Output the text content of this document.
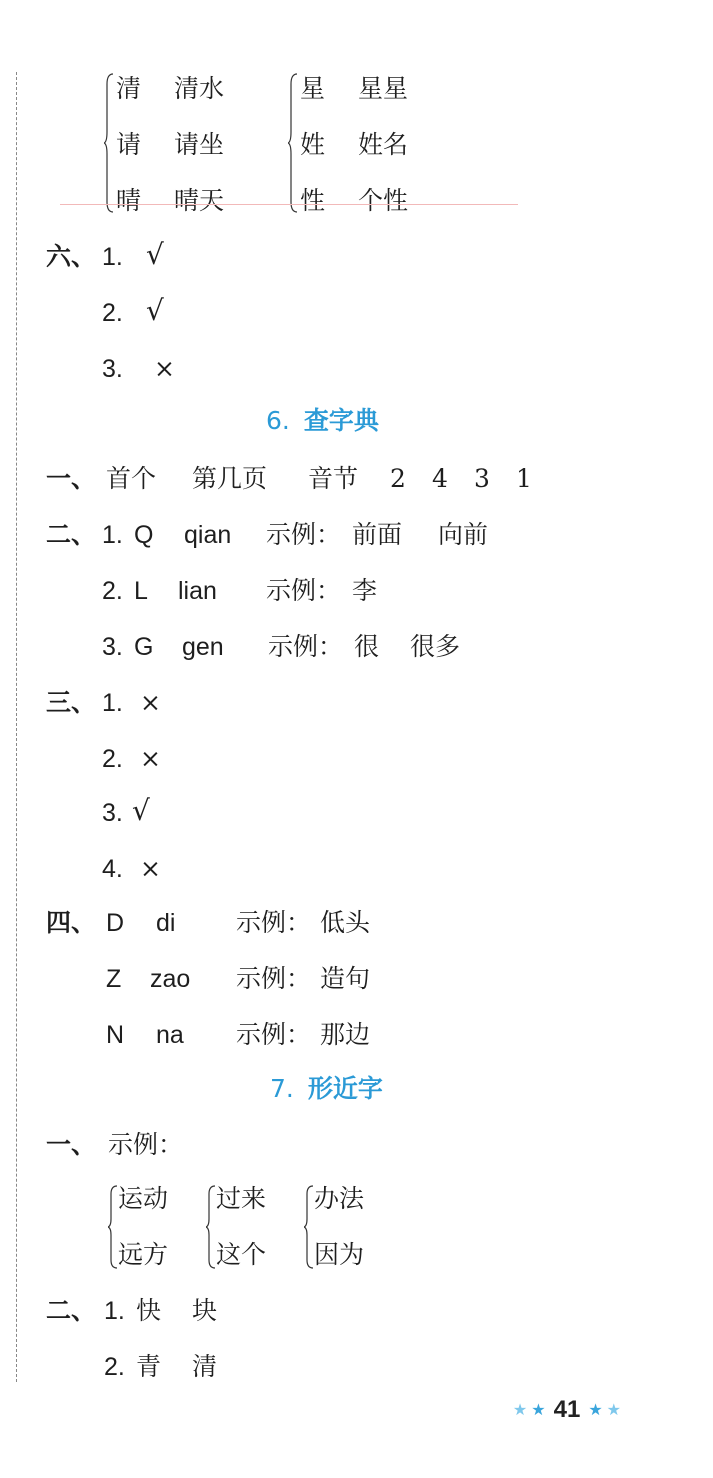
清 清水
请 请坐
晴 晴天
星 星星
姓 姓名
性 个性
六、 1. √
2. √
3. ×
6. 查字典
一、 首个 第几页 音节 2 4 3 1
二、 1. Q qian 示例： 前面 向前
2. L lian 示例： 李
3. G gen 示例： 很 很多
三、 1. ×
2. ×
3. √
4. ×
四、 D di 示例： 低头
Z zao 示例： 造句
N na 示例： 那边
7. 形近字
一、 示例：
运动
远方
过来
这个
办法
因为
二、 1. 快 块
2. 青 清
★ ★ 41 ★ ★
